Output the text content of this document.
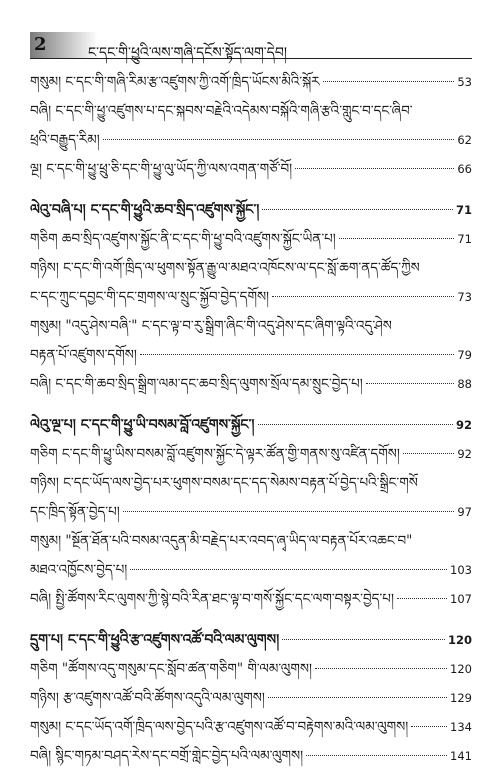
2	ང་དང་གི་ཕྱུའི་ལས་གཞི་དངོས་སྟོད་ལག་དེབ།
གསུམ། ང་དང་གི་གཞི་རིམ་རྩ་འཛུགས་ཀྱི་འགོ་ཁྲིད་ཡོངས་མིའི་སྐོར	53
བཞི། ང་དང་གི་ཕྱུ་འཛུགས་པ་དང་སྐབས་བརྗེའི་འདེམས་བསྐོའི་གཞི་རྩའི་གླུང་བ་དང་ཞིབ་
ཕྲའི་བརྒྱུད་རིམ།	62
ལྔ། ང་དང་གི་ཕྱུ་ཕྲུ་ཅི་དང་གི་ཕྱུ་ལུ་ཡོད་ཀྱི་ལས་འགན་གཙོ་བོ།	66
ལེའུ་བཞི་པ། ང་དང་གི་ཕྱུའི་ཆབ་སྲིད་འཛུགས་སྐྱོང་།	71
གཅིག ཆབ་སྲིད་འཛུགས་སྐྱོང་ནི་ང་དང་གི་ཕྱུ་བའི་འཛུགས་སྐྱོང་ཡིན་པ།	71
གཉིས། ང་དང་གི་འགོ་ཁྲིད་ལ་ཕུགས་སྟོན་རྒྱུ་ལ་མཐའ་འཁོངས་ལ་དང་སློ་ཆག་ནད་ཚོད་ཀྱིས
ང་དང་ཀྲུང་དབྱང་གི་དང་གྲགས་ལ་སྲུང་སྐྱོབ་བྱེད་དགོས།	73
གསུམ། "འདུ་ཤེས་བཞི་" ང་དང་ལྟ་བ་རུ་སྒྲིག་ཞིང་གི་འདུ་ཤེས་དང་ཞིག་ལྟའི་འདུ་ཤེས
བརྟན་པོ་འཛུགས་དགོས།	79
བཞི། ང་དང་གི་ཆབ་སྲིད་སྒྲིག་ལམ་དང་ཆབ་སྲིད་ལུགས་སྲོལ་དམ་སྲུང་བྱེད་པ།	88
ལེའུ་ལྔ་པ། ང་དང་གི་ཕྱུ་ཡི་བསམ་བློ་འཛུགས་སྐྱོང་།	92
གཅིག ང་དང་གི་ཕྱུ་ཡིས་བསམ་བློ་འཛུགས་སྐྱོང་དེ་ལྟར་ཚོན་གྱི་གནས་སུ་འཛིན་དགོས།	92
གཉིས། ང་དང་ཡོད་ལས་བྱེད་པར་ཕུགས་བསམ་དང་དད་སེམས་བརྟན་པོ་བྱེད་པའི་སྒྲིང་གསོ
དང་ཁྲིད་སྟོན་བྱེད་པ།	97
གསུམ། "སྔོན་ཐོན་པའི་བསམ་འདུན་མི་བརྗེད་པར་འབད་ཞྭ་ཡིད་ལ་བརྟན་པོར་འཆང་བ"
མཐའ་འཁྱོངས་བྱེད་པ།	103
བཞི། སྤྱི་ཚོགས་རིང་ལུགས་ཀྱི་སྙེ་བའི་རིན་ཐང་ལྟ་བ་གསོ་སྐྱོང་དང་ལག་བསྟར་བྱེད་པ།	107
དྲུག་པ། ང་དང་གི་ཕྱུའི་རྩ་འཛུགས་འཚོ་བའི་ལམ་ལུགས།	120
གཅིག "ཚོགས་འདུ་གསུམ་དང་སློབ་ཚན་གཅིག" གི་ལམ་ལུགས།	120
གཉིས། རྩ་འཛུགས་འཚོ་བའི་ཚོགས་འདུའི་ལམ་ལུགས།	129
གསུམ། ང་དང་ཡོད་འགོ་ཁྲིད་ལས་བྱེད་པའི་རྩ་འཛུགས་འཚོ་བ་བརྟེགས་མའི་ལམ་ལུགས།	134
བཞི། སྙིང་གཏམ་བཤད་རེས་དང་བགྲོ་གླེང་བྱེད་པའི་ལམ་ལུགས།	141
